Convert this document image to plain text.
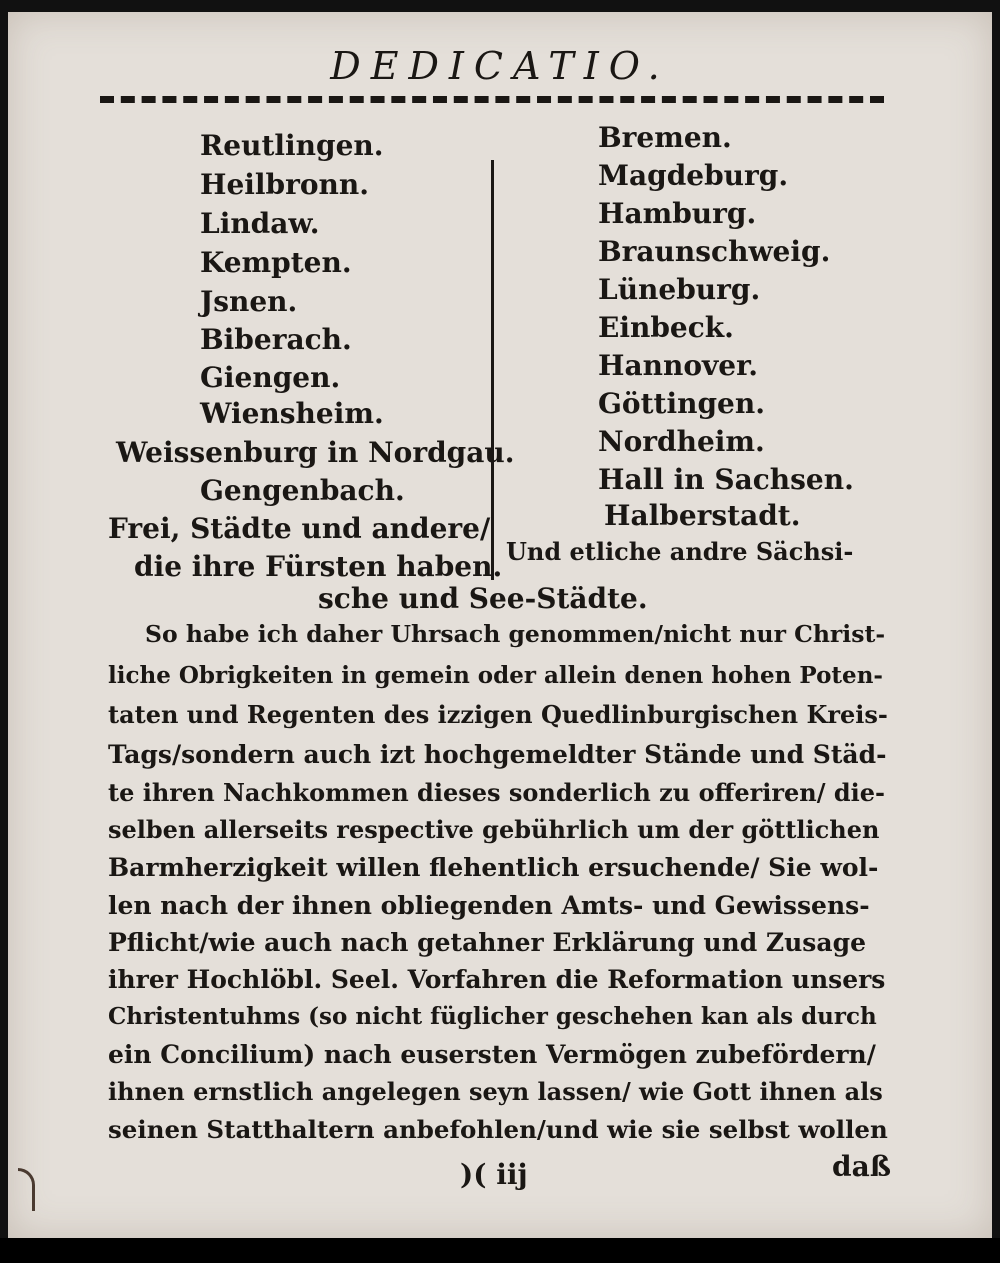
DEDICATIO.
Reutlingen.
Heilbronn.
Lindaw.
Kempten.
Jsnen.
Biberach.
Giengen.
Wiensheim.
Weissenburg in Nordgau.
Gengenbach.
Frei, Städte und andere/
die ihre Fürsten haben.
Bremen.
Magdeburg.
Hamburg.
Braunschweig.
Lüneburg.
Einbeck.
Hannover.
Göttingen.
Nordheim.
Hall in Sachsen.
Halberstadt.
Und etliche andre Sächsi-
sche und See-Städte.
So habe ich daher Uhrsach genommen/nicht nur Christ-
liche Obrigkeiten in gemein oder allein denen hohen Poten-
taten und Regenten des izzigen Quedlinburgischen Kreis-
Tags/sondern auch izt hochgemeldter Stände und Städ-
te ihren Nachkommen dieses sonderlich zu offeriren/ die-
selben allerseits respective gebührlich um der göttlichen
Barmherzigkeit willen flehentlich ersuchende/ Sie wol-
len nach der ihnen obliegenden Amts- und Gewissens-
Pflicht/wie auch nach getahner Erklärung und Zusage
ihrer Hochlöbl. Seel. Vorfahren die Reformation unsers
Christentuhms (so nicht füglicher geschehen kan als durch
ein Concilium) nach eusersten Vermögen zubefördern/
ihnen ernstlich angelegen seyn lassen/ wie Gott ihnen als
seinen Statthaltern anbefohlen/und wie sie selbst wollen
)( iij	daß
